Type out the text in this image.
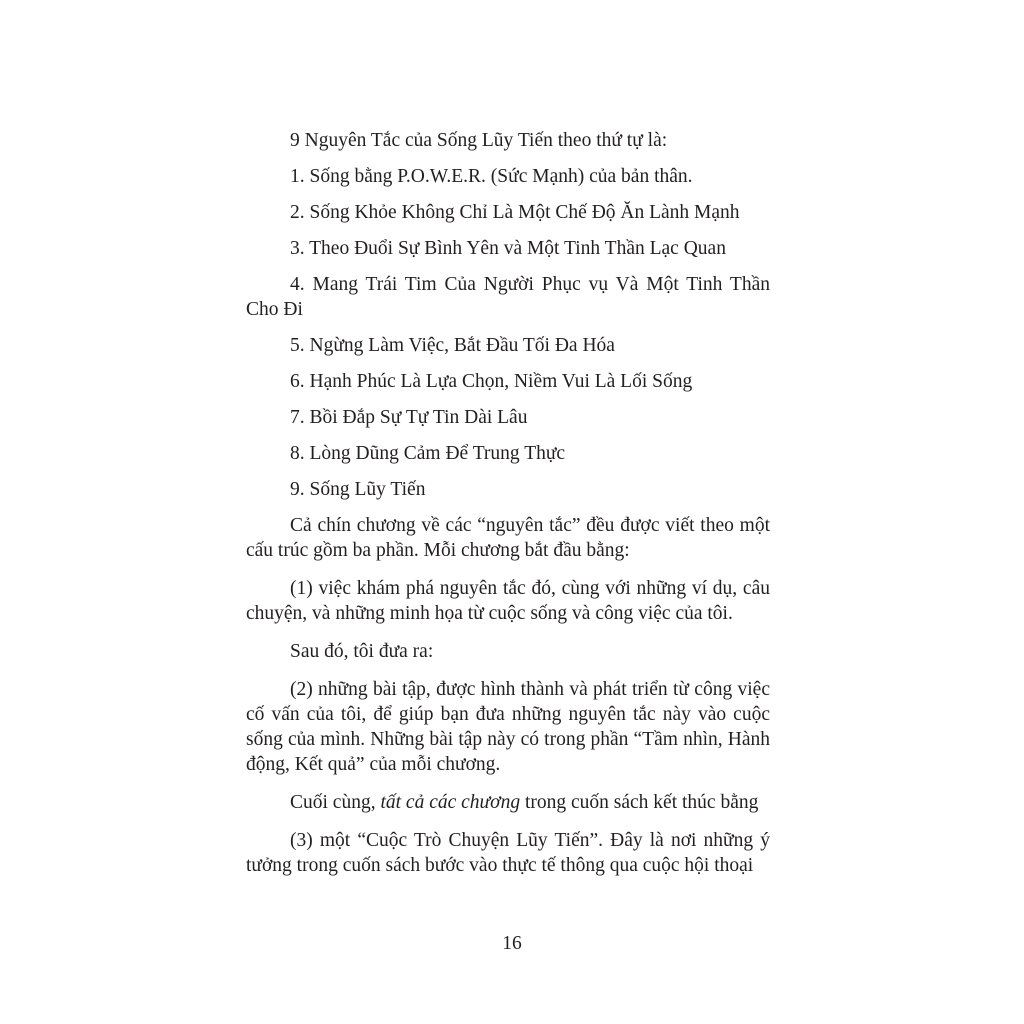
9 Nguyên Tắc của Sống Lũy Tiến theo thứ tự là:

1. Sống bằng P.O.W.E.R. (Sức Mạnh) của bản thân.

2. Sống Khỏe Không Chỉ Là Một Chế Độ Ăn Lành Mạnh

3. Theo Đuổi Sự Bình Yên và Một Tinh Thần Lạc Quan

4. Mang Trái Tim Của Người Phục vụ Và Một Tinh Thần Cho Đi

5. Ngừng Làm Việc, Bắt Đầu Tối Đa Hóa

6. Hạnh Phúc Là Lựa Chọn, Niềm Vui Là Lối Sống

7. Bồi Đắp Sự Tự Tin Dài Lâu

8. Lòng Dũng Cảm Để Trung Thực

9. Sống Lũy Tiến

Cả chín chương về các “nguyên tắc” đều được viết theo một cấu trúc gồm ba phần. Mỗi chương bắt đầu bằng:

(1) việc khám phá nguyên tắc đó, cùng với những ví dụ, câu chuyện, và những minh họa từ cuộc sống và công việc của tôi.

Sau đó, tôi đưa ra:

(2) những bài tập, được hình thành và phát triển từ công việc cố vấn của tôi, để giúp bạn đưa những nguyên tắc này vào cuộc sống của mình. Những bài tập này có trong phần “Tầm nhìn, Hành động, Kết quả” của mỗi chương.

Cuối cùng, tất cả các chương trong cuốn sách kết thúc bằng

(3) một “Cuộc Trò Chuyện Lũy Tiến”. Đây là nơi những ý tưởng trong cuốn sách bước vào thực tế thông qua cuộc hội thoại

16
